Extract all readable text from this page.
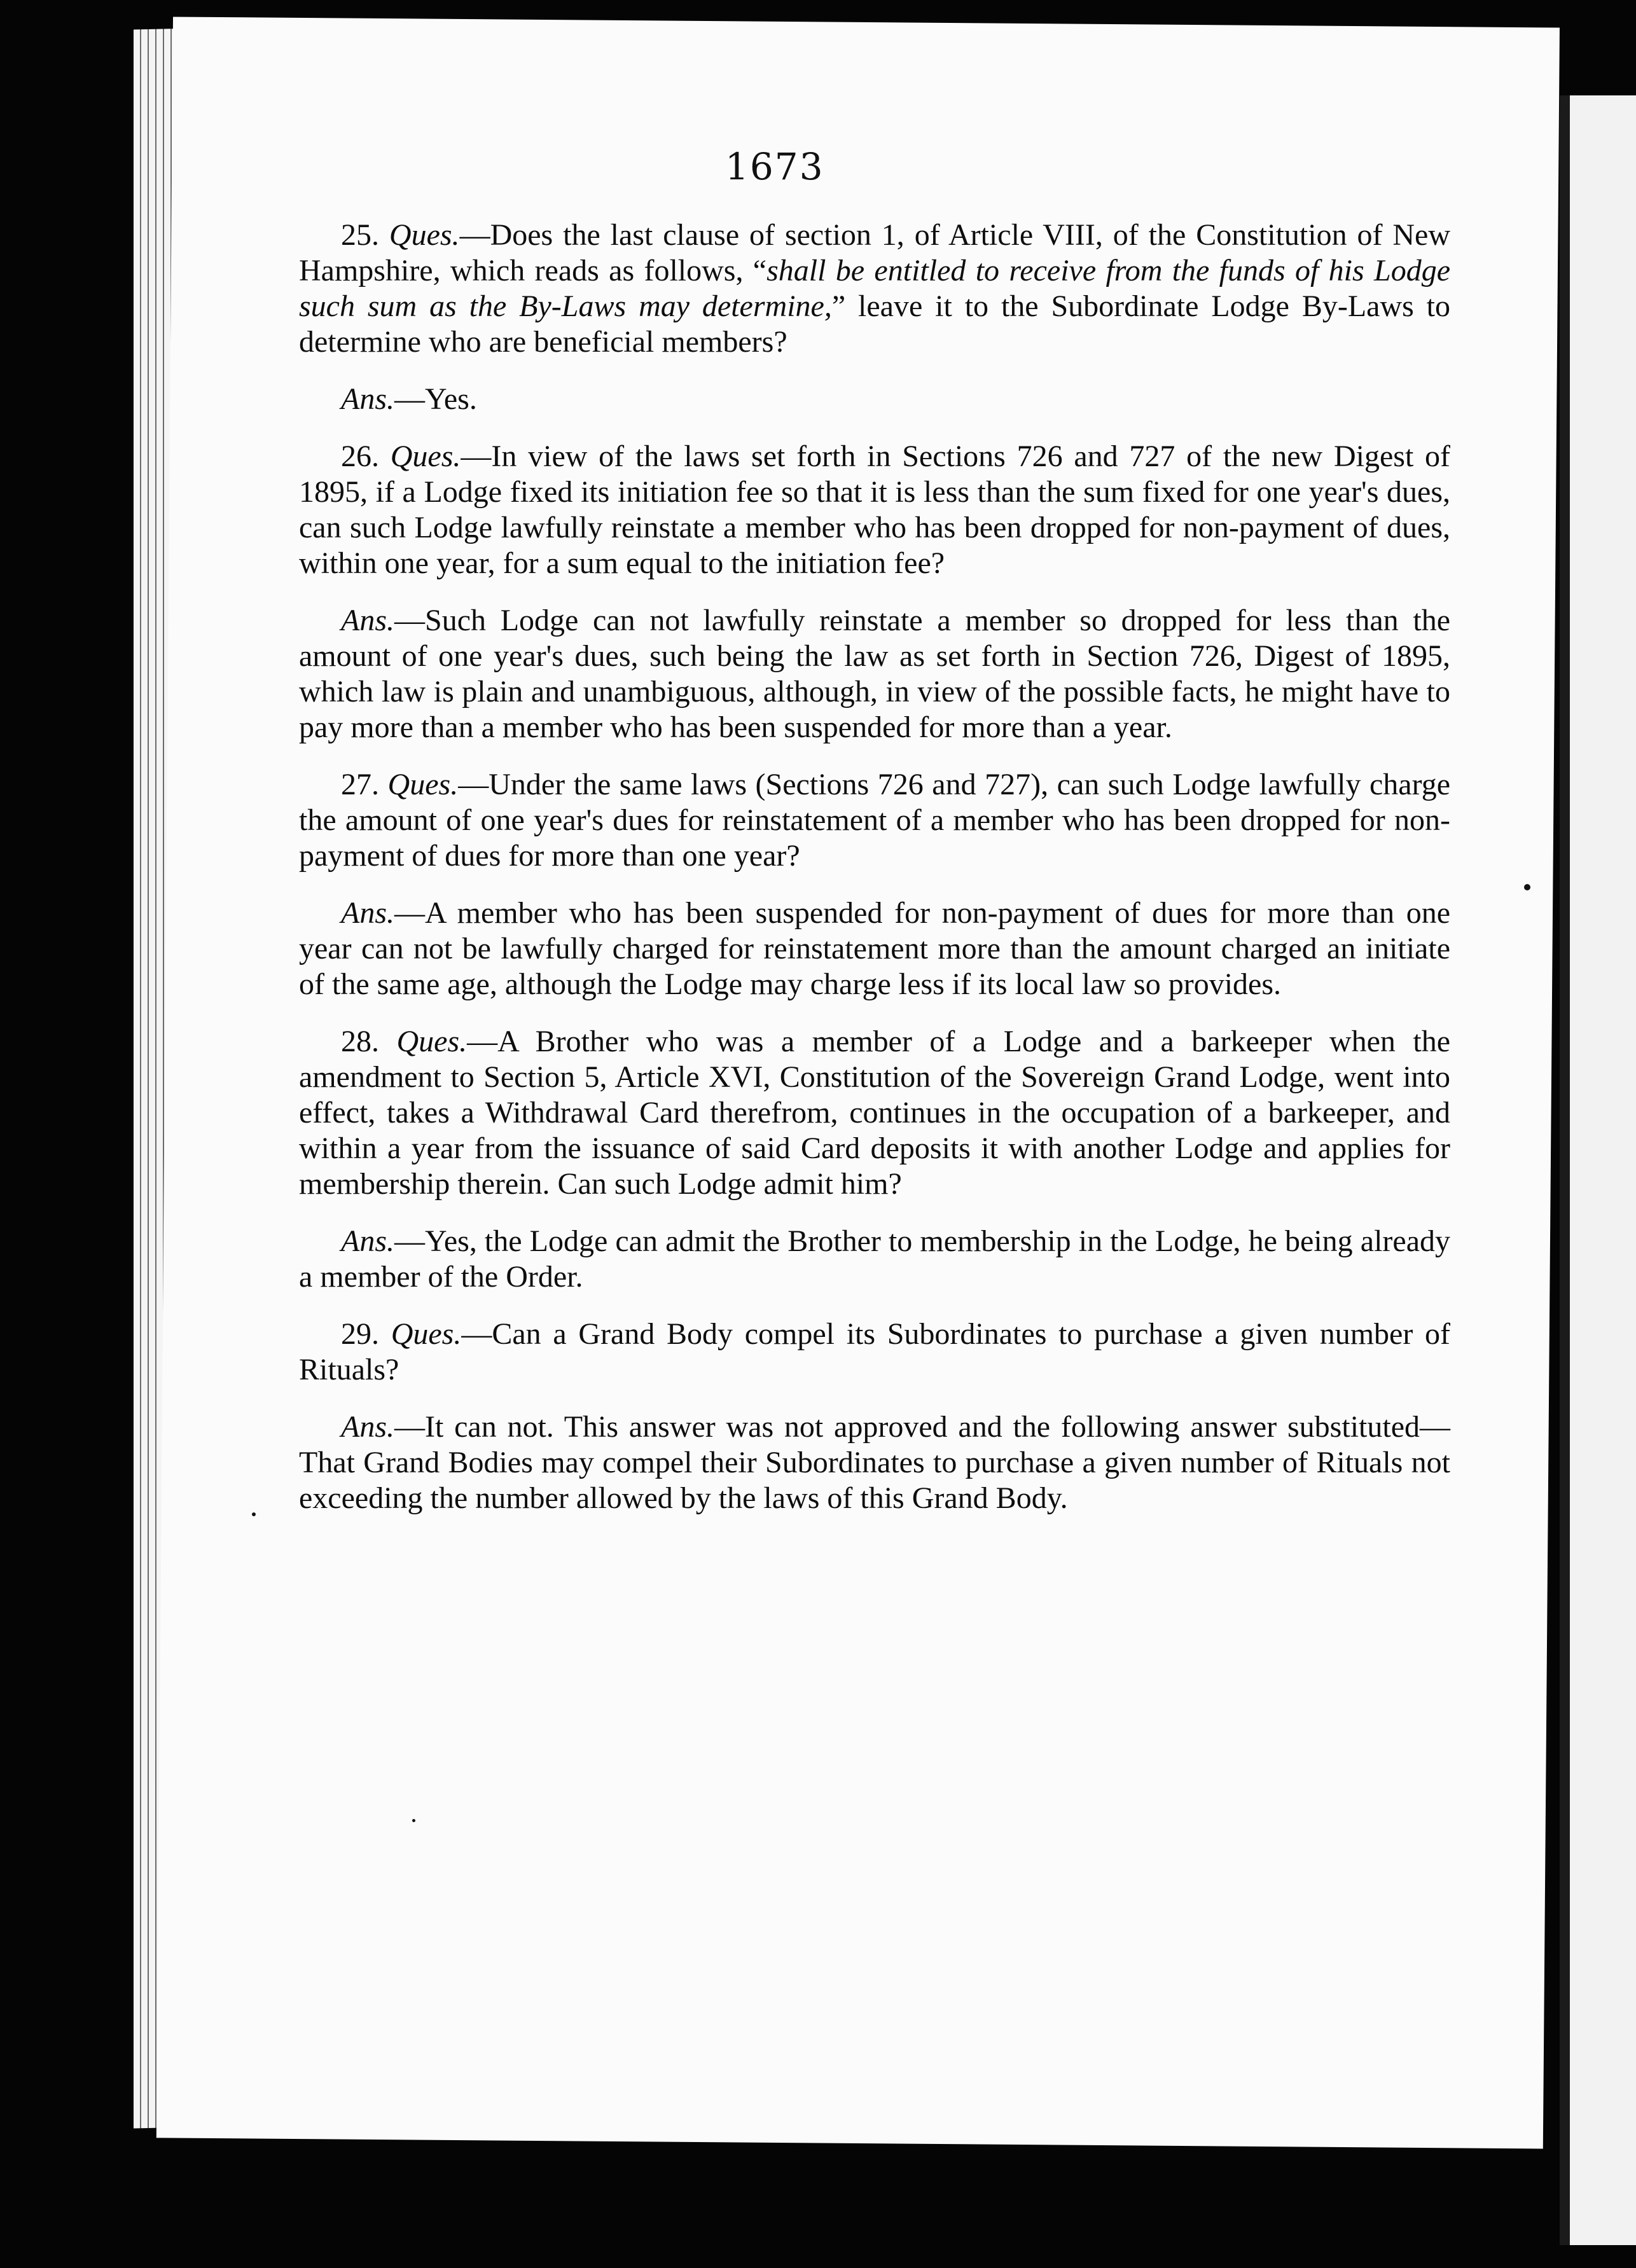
1673

25. Ques.—Does the last clause of section 1, of Article VIII, of the Constitution of New Hampshire, which reads as follows, “shall be entitled to receive from the funds of his Lodge such sum as the By-Laws may determine,” leave it to the Subordinate Lodge By-Laws to determine who are beneficial members?

Ans.—Yes.

26. Ques.—In view of the laws set forth in Sections 726 and 727 of the new Digest of 1895, if a Lodge fixed its initiation fee so that it is less than the sum fixed for one year's dues, can such Lodge lawfully reinstate a member who has been dropped for non-payment of dues, within one year, for a sum equal to the initiation fee?

Ans.—Such Lodge can not lawfully reinstate a member so dropped for less than the amount of one year's dues, such being the law as set forth in Section 726, Digest of 1895, which law is plain and unambiguous, although, in view of the possible facts, he might have to pay more than a member who has been suspended for more than a year.

27. Ques.—Under the same laws (Sections 726 and 727), can such Lodge lawfully charge the amount of one year's dues for reinstatement of a member who has been dropped for non-payment of dues for more than one year?

Ans.—A member who has been suspended for non-payment of dues for more than one year can not be lawfully charged for reinstatement more than the amount charged an initiate of the same age, although the Lodge may charge less if its local law so provides.

28. Ques.—A Brother who was a member of a Lodge and a barkeeper when the amendment to Section 5, Article XVI, Constitution of the Sovereign Grand Lodge, went into effect, takes a Withdrawal Card therefrom, continues in the occupation of a barkeeper, and within a year from the issuance of said Card deposits it with another Lodge and applies for membership therein. Can such Lodge admit him?

Ans.—Yes, the Lodge can admit the Brother to membership in the Lodge, he being already a member of the Order.

29. Ques.—Can a Grand Body compel its Subordinates to purchase a given number of Rituals?

Ans.—It can not. This answer was not approved and the following answer substituted—That Grand Bodies may compel their Subordinates to purchase a given number of Rituals not exceeding the number allowed by the laws of this Grand Body.
